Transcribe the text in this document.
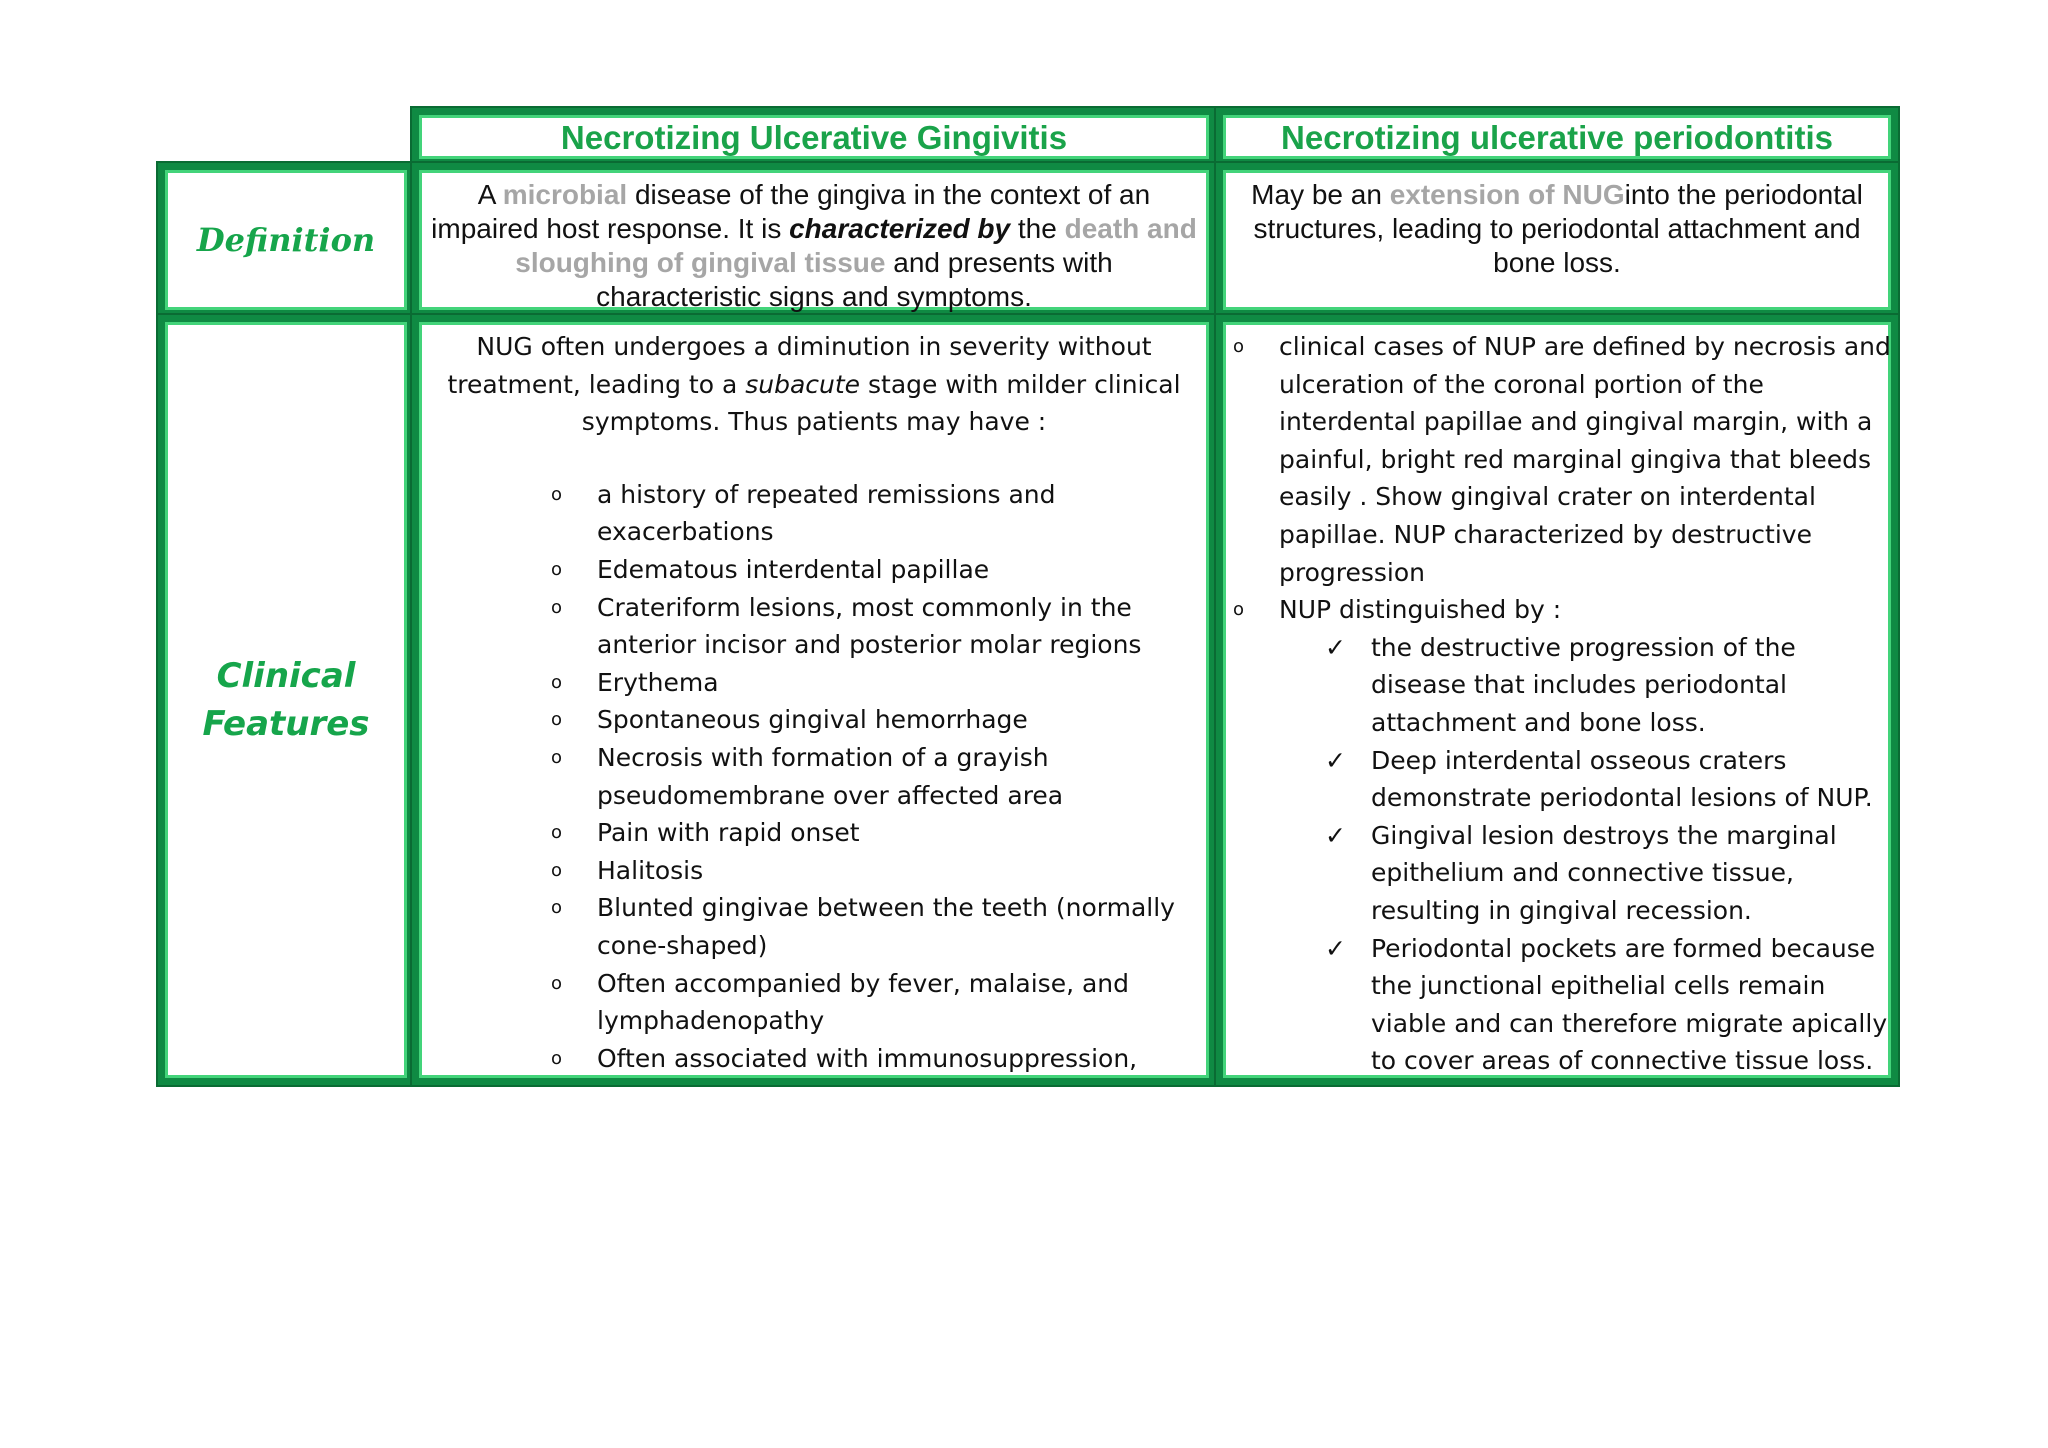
Necrotizing Ulcerative Gingivitis	Necrotizing ulcerative periodontitis
Definition
A microbial disease of the gingiva in the context of an impaired host response. It is characterized by the death and sloughing of gingival tissue and presents with characteristic signs and symptoms.
May be an extension of NUGinto the periodontal structures, leading to periodontal attachment and bone loss.
Clinical
Features
NUG often undergoes a diminution in severity without treatment, leading to a subacute stage with milder clinical symptoms. Thus patients may have :
o a history of repeated remissions and exacerbations
o Edematous interdental papillae
o Crateriform lesions, most commonly in the anterior incisor and posterior molar regions
o Erythema
o Spontaneous gingival hemorrhage
o Necrosis with formation of a grayish pseudomembrane over affected area
o Pain with rapid onset
o Halitosis
o Blunted gingivae between the teeth (normally cone-shaped)
o Often accompanied by fever, malaise, and lymphadenopathy
o Often associated with immunosuppression,
o clinical cases of NUP are defined by necrosis and ulceration of the coronal portion of the interdental papillae and gingival margin, with a painful, bright red marginal gingiva that bleeds easily . Show gingival crater on interdental papillae. NUP characterized by destructive progression
o NUP distinguished by :
✓ the destructive progression of the disease that includes periodontal attachment and bone loss.
✓ Deep interdental osseous craters demonstrate periodontal lesions of NUP.
✓ Gingival lesion destroys the marginal epithelium and connective tissue, resulting in gingival recession.
✓ Periodontal pockets are formed because the junctional epithelial cells remain viable and can therefore migrate apically to cover areas of connective tissue loss.
